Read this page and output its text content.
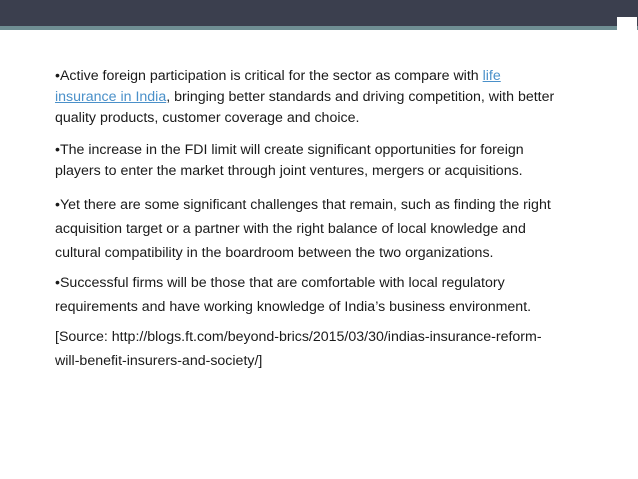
•Active foreign participation is critical for the sector as compare with life insurance in India, bringing better standards and driving competition, with better quality products, customer coverage and choice.

•The increase in the FDI limit will create significant opportunities for foreign players to enter the market through joint ventures, mergers or acquisitions.

•Yet there are some significant challenges that remain, such as finding the right acquisition target or a partner with the right balance of local knowledge and cultural compatibility in the boardroom between the two organizations.

•Successful firms will be those that are comfortable with local regulatory requirements and have working knowledge of India’s business environment.

[Source: http://blogs.ft.com/beyond-brics/2015/03/30/indias-insurance-reform-will-benefit-insurers-and-society/]
